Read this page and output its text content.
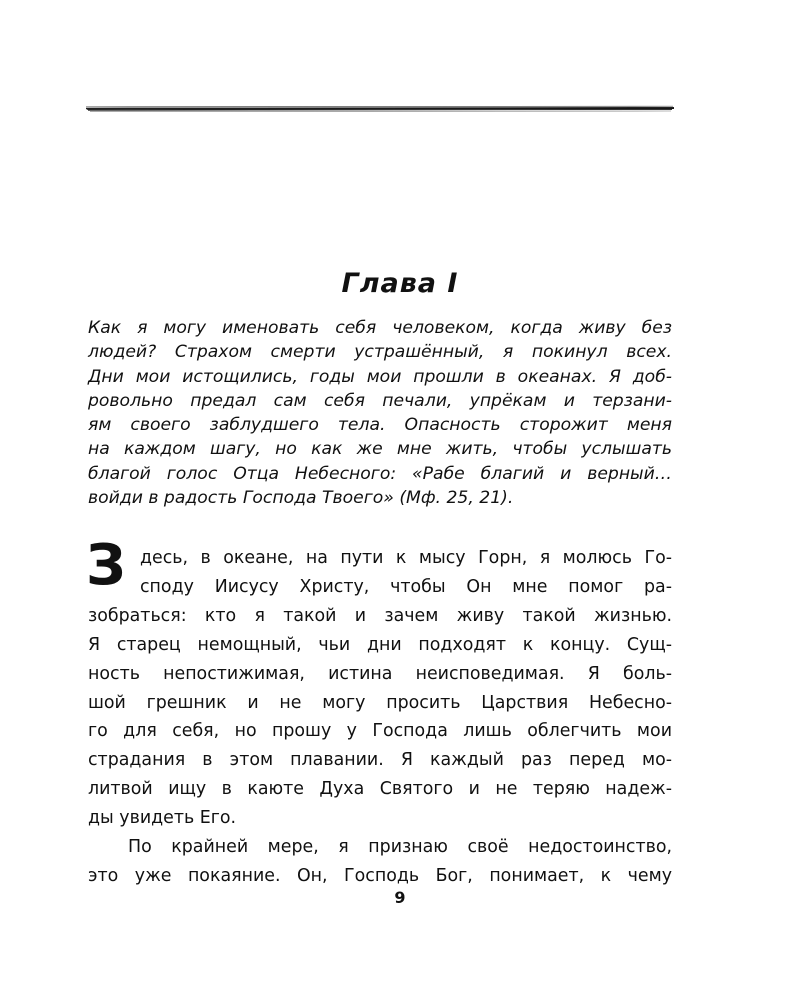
Глава I
Как я могу именовать себя человеком, когда живу без
людей? Страхом смерти устрашённый, я покинул всех.
Дни мои истощились, годы мои прошли в океанах. Я доб-
ровольно предал сам себя печали, упрёкам и терзани-
ям своего заблудшего тела. Опасность сторожит меня
на каждом шагу, но как же мне жить, чтобы услышать
благой голос Отца Небесного: «Рабе благий и верный…
войди в радость Господа Твоего» (Мф. 25, 21).
З десь, в океане, на пути к мысу Горн, я молюсь Го-
споду Иисусу Христу, чтобы Он мне помог ра-
зобраться: кто я такой и зачем живу такой жизнью.
Я старец немощный, чьи дни подходят к концу. Сущ-
ность непостижимая, истина неисповедимая. Я боль-
шой грешник и не могу просить Царствия Небесно-
го для себя, но прошу у Господа лишь облегчить мои
страдания в этом плавании. Я каждый раз перед мо-
литвой ищу в каюте Духа Святого и не теряю надеж-
ды увидеть Его.
По крайней мере, я признаю своё недостоинство,
это уже покаяние. Он, Господь Бог, понимает, к чему
9
